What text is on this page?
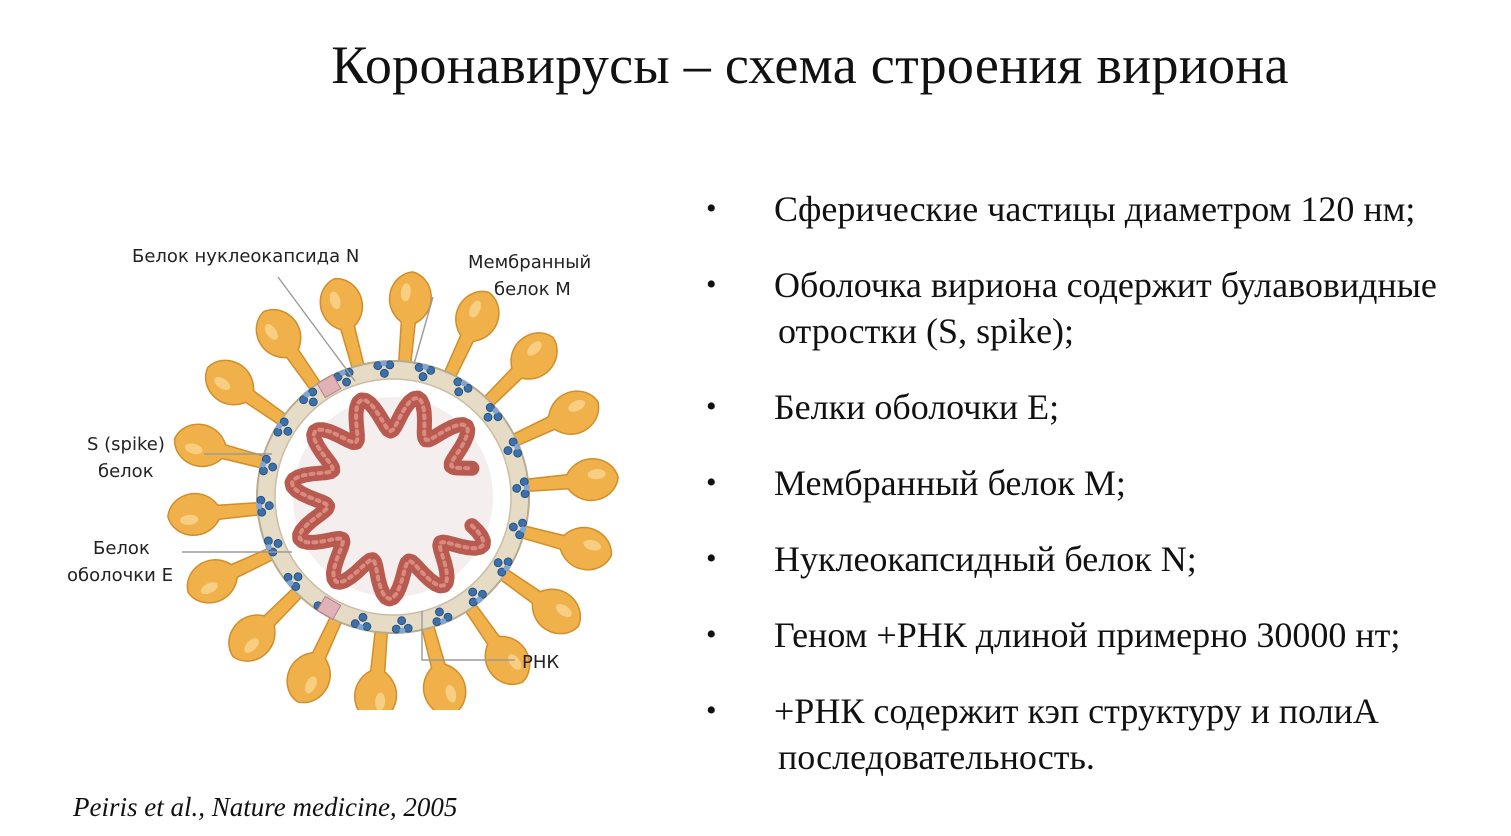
Коронавирусы – схема строения вириона
Белок нуклеокапсида N	Мембранный
белок М
S (spike)
белок
Белок
оболочки Е
РНК
• Сферические частицы диаметром 120 нм;
• Оболочка вириона содержит булавовидные
отростки (S, spike);
• Белки оболочки Е;
• Мембранный белок М;
• Нуклеокапсидный белок N;
• Геном +РНК длиной примерно 30000 нт;
• +РНК содержит кэп структуру и полиА
последовательность.
Peiris et al., Nature medicine, 2005
